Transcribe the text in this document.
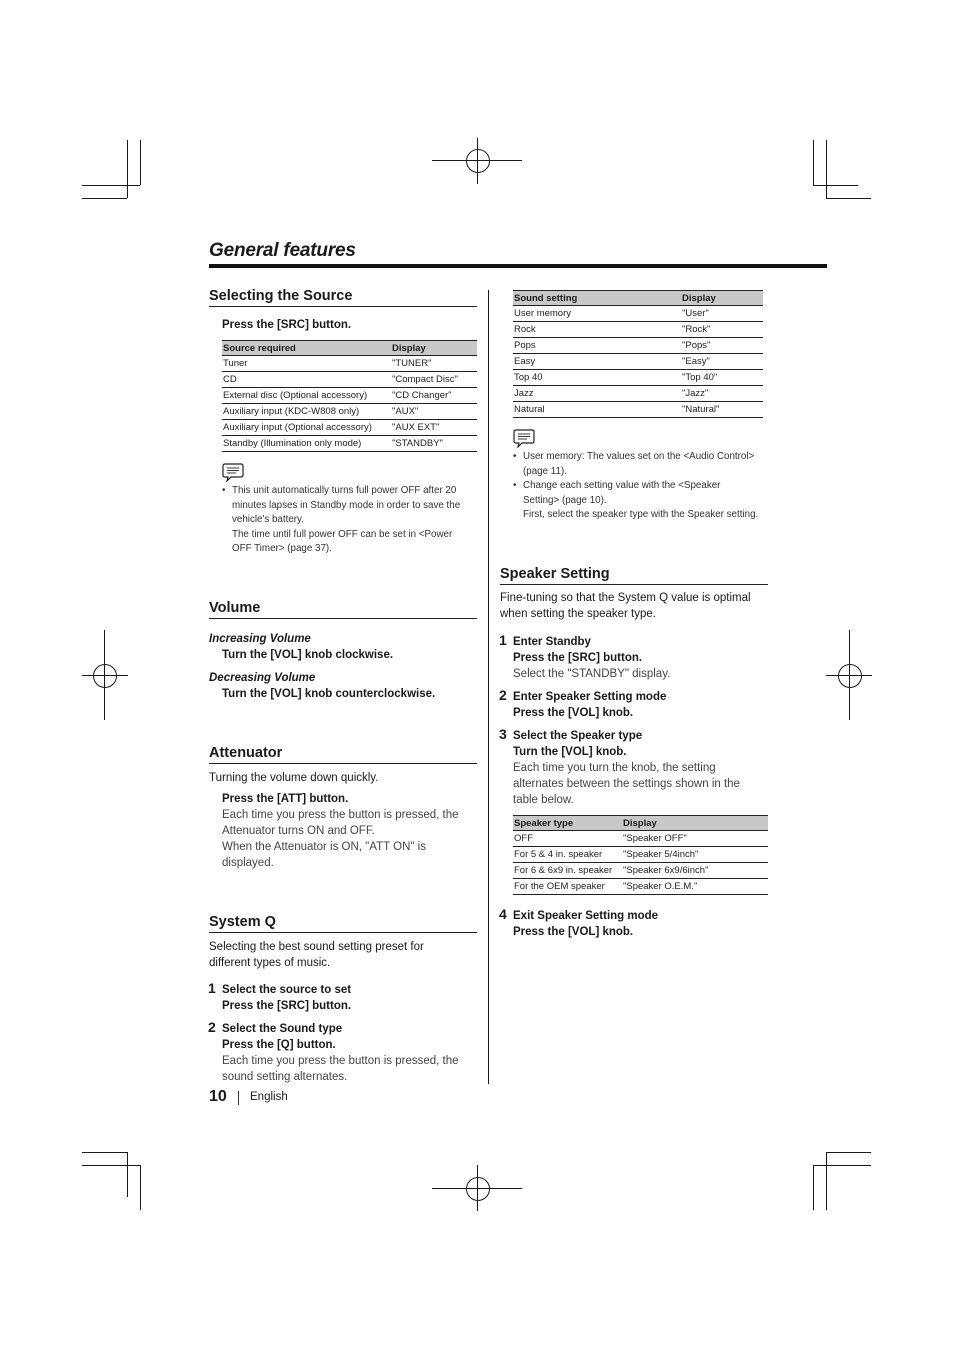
General features
Selecting the Source
Press the [SRC] button.
Source required	Display
Tuner	"TUNER"
CD	"Compact Disc"
External disc (Optional accessory)	"CD Changer"
Auxiliary input (KDC-W808 only)	"AUX"
Auxiliary input (Optional accessory)	"AUX EXT"
Standby (Illumination only mode)	"STANDBY"
• This unit automatically turns full power OFF after 20
minutes lapses in Standby mode in order to save the
vehicle's battery.
The time until full power OFF can be set in <Power
OFF Timer> (page 37).
Volume
Increasing Volume
Turn the [VOL] knob clockwise.
Decreasing Volume
Turn the [VOL] knob counterclockwise.
Attenuator
Turning the volume down quickly.
Press the [ATT] button.
Each time you press the button is pressed, the
Attenuator turns ON and OFF.
When the Attenuator is ON, "ATT ON" is
displayed.
System Q
Selecting the best sound setting preset for
different types of music.
1 Select the source to set
Press the [SRC] button.
2 Select the Sound type
Press the [Q] button.
Each time you press the button is pressed, the
sound setting alternates.
Sound setting	Display
User memory	"User"
Rock	"Rock"
Pops	"Pops"
Easy	"Easy"
Top 40	"Top 40"
Jazz	"Jazz"
Natural	"Natural"
• User memory: The values set on the <Audio Control>
(page 11).
• Change each setting value with the <Speaker
Setting> (page 10).
First, select the speaker type with the Speaker setting.
Speaker Setting
Fine-tuning so that the System Q value is optimal
when setting the speaker type.
1 Enter Standby
Press the [SRC] button.
Select the "STANDBY" display.
2 Enter Speaker Setting mode
Press the [VOL] knob.
3 Select the Speaker type
Turn the [VOL] knob.
Each time you turn the knob, the setting
alternates between the settings shown in the
table below.
Speaker type	Display
OFF	"Speaker OFF"
For 5 & 4 in. speaker	"Speaker 5/4inch"
For 6 & 6x9 in. speaker	"Speaker 6x9/6inch"
For the OEM speaker	"Speaker O.E.M."
4 Exit Speaker Setting mode
Press the [VOL] knob.
10 English
